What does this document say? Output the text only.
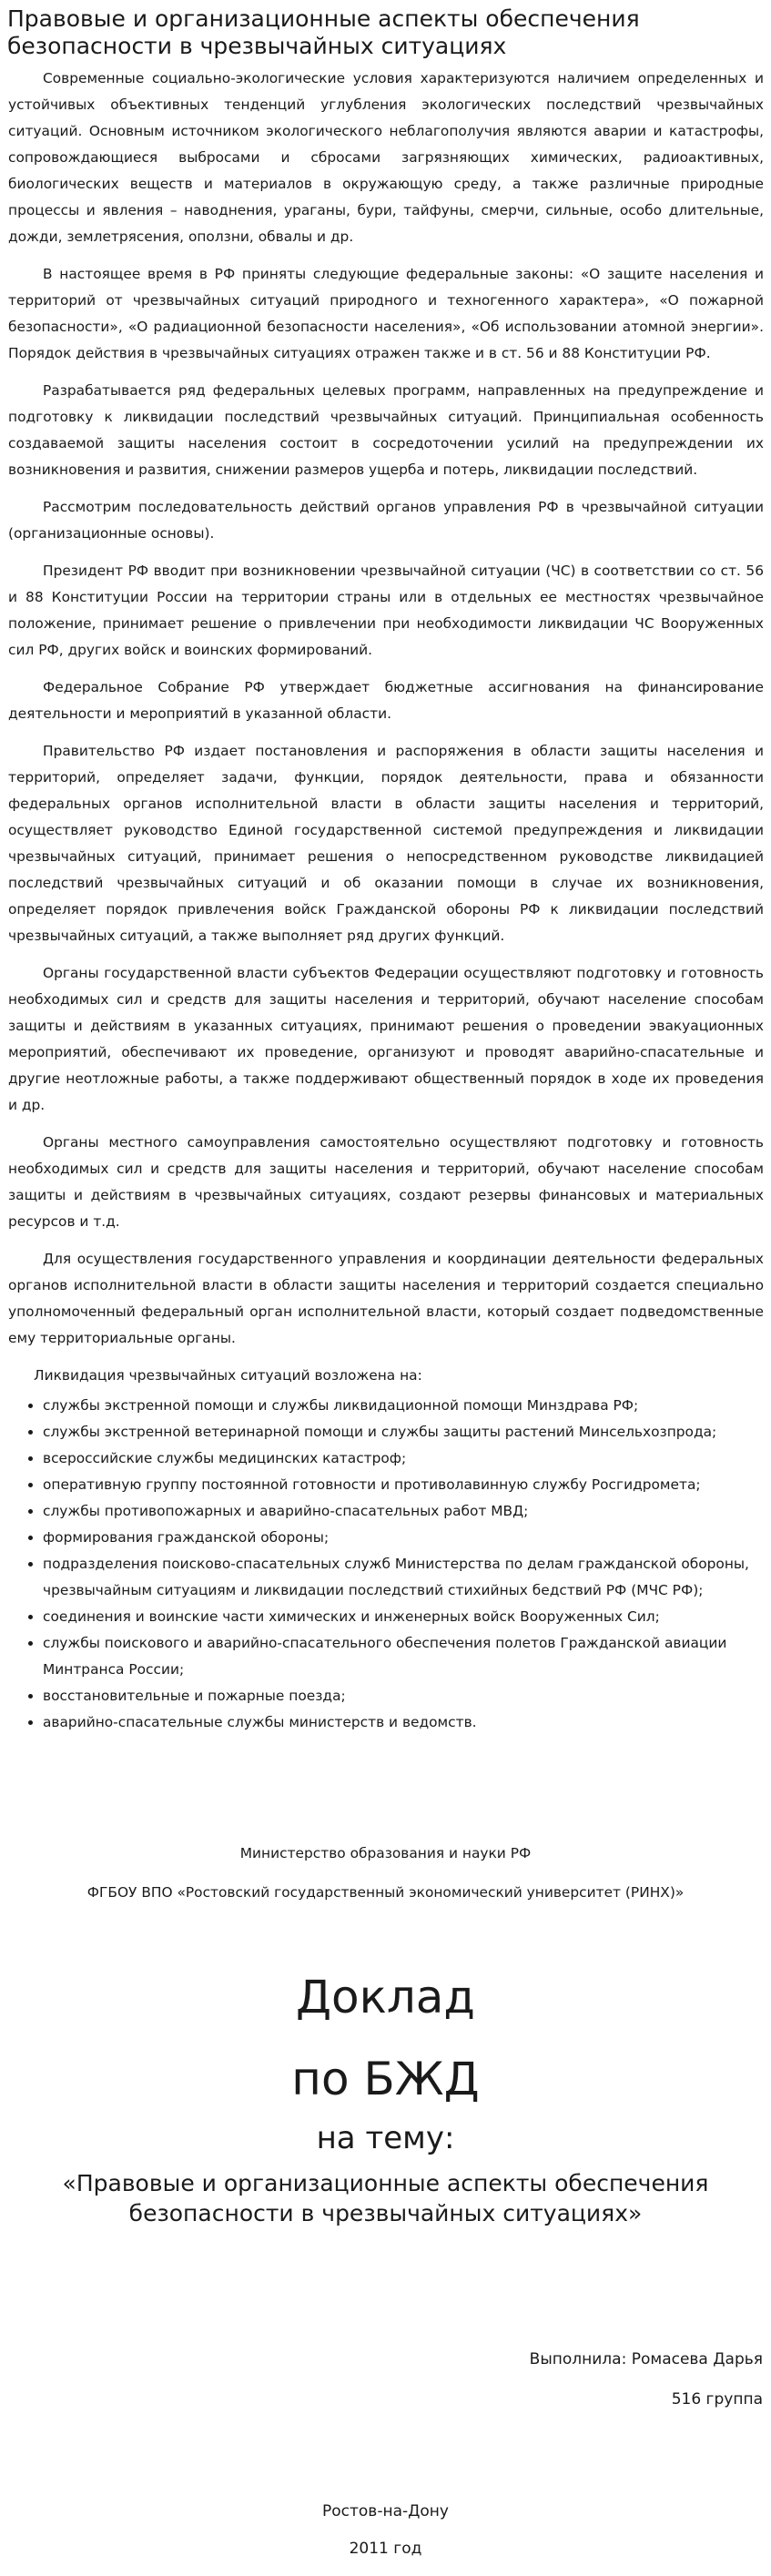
Правовые и организационные аспекты обеспечения безопасности в чрезвычайных ситуациях

Современные социально-экологические условия характеризуются наличием определенных и устойчивых объективных тенденций углубления экологических последствий чрезвычайных ситуаций. Основным источником экологического неблагополучия являются аварии и катастрофы, сопровождающиеся выбросами и сбросами загрязняющих химических, радиоактивных, биологических веществ и материалов в окружающую среду, а также различные природные процессы и явления – наводнения, ураганы, бури, тайфуны, смерчи, сильные, особо длительные, дожди, землетрясения, оползни, обвалы и др.

В настоящее время в РФ приняты следующие федеральные законы: «О защите населения и территорий от чрезвычайных ситуаций природного и техногенного характера», «О пожарной безопасности», «О радиационной безопасности населения», «Об использовании атомной энергии». Порядок действия в чрезвычайных ситуациях отражен также и в ст. 56 и 88 Конституции РФ.

Разрабатывается ряд федеральных целевых программ, направленных на предупреждение и подготовку к ликвидации последствий чрезвычайных ситуаций. Принципиальная особенность создаваемой защиты населения состоит в сосредоточении усилий на предупреждении их возникновения и развития, снижении размеров ущерба и потерь, ликвидации последствий.

Рассмотрим последовательность действий органов управления РФ в чрезвычайной ситуации (организационные основы).

Президент РФ вводит при возникновении чрезвычайной ситуации (ЧС) в соответствии со ст. 56 и 88 Конституции России на территории страны или в отдельных ее местностях чрезвычайное положение, принимает решение о привлечении при необходимости ликвидации ЧС Вооруженных сил РФ, других войск и воинских формирований.

Федеральное Собрание РФ утверждает бюджетные ассигнования на финансирование деятельности и мероприятий в указанной области.

Правительство РФ издает постановления и распоряжения в области защиты населения и территорий, определяет задачи, функции, порядок деятельности, права и обязанности федеральных органов исполнительной власти в области защиты населения и территорий, осуществляет руководство Единой государственной системой предупреждения и ликвидации чрезвычайных ситуаций, принимает решения о непосредственном руководстве ликвидацией последствий чрезвычайных ситуаций и об оказании помощи в случае их возникновения, определяет порядок привлечения войск Гражданской обороны РФ к ликвидации последствий чрезвычайных ситуаций, а также выполняет ряд других функций.

Органы государственной власти субъектов Федерации осуществляют подготовку и готовность необходимых сил и средств для защиты населения и территорий, обучают население способам защиты и действиям в указанных ситуациях, принимают решения о проведении эвакуационных мероприятий, обеспечивают их проведение, организуют и проводят аварийно-спасательные и другие неотложные работы, а также поддерживают общественный порядок в ходе их проведения и др.

Органы местного самоуправления самостоятельно осуществляют подготовку и готовность необходимых сил и средств для защиты населения и территорий, обучают население способам защиты и действиям в чрезвычайных ситуациях, создают резервы финансовых и материальных ресурсов и т.д.

Для осуществления государственного управления и координации деятельности федеральных органов исполнительной власти в области защиты населения и территорий создается специально уполномоченный федеральный орган исполнительной власти, который создает подведомственные ему территориальные органы.

Ликвидация чрезвычайных ситуаций возложена на:

• службы экстренной помощи и службы ликвидационной помощи Минздрава РФ;
• службы экстренной ветеринарной помощи и службы защиты растений Минсельхозпрода;
• всероссийские службы медицинских катастроф;
• оперативную группу постоянной готовности и противолавинную службу Росгидромета;
• службы противопожарных и аварийно-спасательных работ МВД;
• формирования гражданской обороны;
• подразделения поисково-спасательных служб Министерства по делам гражданской обороны, чрезвычайным ситуациям и ликвидации последствий стихийных бедствий РФ (МЧС РФ);
• соединения и воинские части химических и инженерных войск Вооруженных Сил;
• службы поискового и аварийно-спасательного обеспечения полетов Гражданской авиации Минтранса России;
• восстановительные и пожарные поезда;
• аварийно-спасательные службы министерств и ведомств.

Министерство образования и науки РФ

ФГБОУ ВПО «Ростовский государственный экономический университет (РИНХ)»

Доклад

по БЖД

на тему:

«Правовые и организационные аспекты обеспечения безопасности в чрезвычайных ситуациях»

Выполнила: Ромасева Дарья

516 группа

Ростов-на-Дону

2011 год
